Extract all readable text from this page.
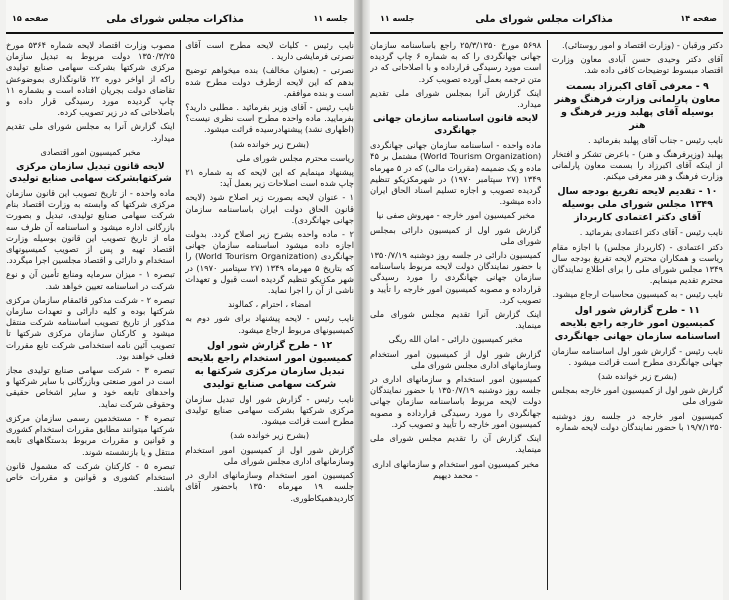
جلسه ۱۱
مذاکرات مجلس شورای ملی
صفحه ۱۵

نایب رئیس - کلیات لایحه مطرح است آقای نصرتی فرمایشی دارید .

نصرتی - (بعنوان مخالف) بنده میخواهم توضیح بدهم که این لایحه ازطرف دولت مطرح شده است و بنده موافقم.

نایب رئیس - آقای وزیر بفرمائید . مطلبی دارید؟ بفرمایید. ماده واحده مطرح است نظری نیست؟ (اظهاری نشد) پیشنهادرسیده قرائت میشود.

(بشرح زیر خوانده شد)

ریاست محترم مجلس شورای ملی

پیشنهاد مینمایم که این لایحه که به شماره ۲۱ چاپ شده است اصلاحات زیر بعمل آید:

۱ - عنوان لایحه بصورت زیر اصلاح شود (لایحه قانون الحاق دولت ایران باساسنامه سازمان جهانی جهانگردی).

۲ - ماده واحده بشرح زیر اصلاح گردد. بدولت اجازه داده میشود اساسنامه سازمان جهانی جهانگردی (World Tourism Organization) را که بتاریخ ۵ مهرماه ۱۳۴۹ (۲۷ سپتامبر ۱۹۷۰) در شهر مکزیکو تنظیم گردیده است قبول و تعهدات ناشی از آن را اجرا نماید.

امضاء ، احترام ، کمالوند

نایب رئیس - لایحه پیشنهاد برای شور دوم به کمیسیونهای مربوط ارجاع میشود.

۱۲ - طرح گزارش شور اول کمیسیون امور استخدام راجع بلایحه تبدیل سازمان مرکزی شرکتها به شرکت سهامی صنایع تولیدی

نایب رئیس - گزارش شور اول تبدیل سازمان مرکزی شرکتها بشرکت سهامی صنایع تولیدی مطرح است قرائت میشود.

(بشرح زیر خوانده شد)

گزارش شور اول از کمیسیون امور استخدام وسازمانهای اداری مجلس شورای ملی

کمیسیون امور استخدام وسازمانهای اداری در جلسه ۱۹ مهرماه ۱۳۵۰ باحضور آقای کاردیدهمیکاطوری.

مصوب وزارت اقتصاد لایحه شماره ۵۳۶۴ مورخ ۱۳۵۰/۳/۲۵ دولت مربوط به تبدیل سازمان مرکزی شرکتها بشرکت سهامی صنایع تولیدی راکه از اواخر دوره ۲۲ قانونگذاری بموضوعش تقاضای دولت بجریان افتاده است و بشماره ۱۱ چاپ گردیده مورد رسیدگی قرار داده و باصلاحاتی که در زیر تصویب کرده.

اینک گزارش آنرا به مجلس شورای ملی تقدیم میدارد.

مخبر کمیسیون امور اقتصادی

لایحه قانون تبدیل سازمان مرکزی شرکتهابشرکت سهامی صنایع تولیدی

ماده واحده - از تاریخ تصویب این قانون سازمان مرکزی شرکتها که وابسته به وزارت اقتصاد بنام شرکت سهامی صنایع تولیدی، تبدیل و بصورت بازرگانی اداره میشود و اساسنامه آن ظرف سه ماه از تاریخ تصویب این قانون بوسیله وزارت اقتصاد تهیه و پس از تصویب کمیسیونهای استخدام و دارائی و اقتصاد مجلسین اجرا میگردد.

تبصره ۱ - میزان سرمایه ومنابع تأمین آن و نوع شرکت در اساسنامه تعیین خواهد شد.

تبصره ۲ - شرکت مذکور قائمقام سازمان مرکزی شرکتها بوده و کلیه دارائی و تعهدات سازمان مذکور از تاریخ تصویب اساسنامه شرکت منتقل میشود و کارکنان سازمان مرکزی شرکتها تا تصویب آئین نامه استخدامی شرکت تابع مقررات فعلی خواهند بود.

تبصره ۳ - شرکت سهامی صنایع تولیدی مجاز است در امور صنعتی وبازرگانی با سایر شرکتها و واحدهای تابعه خود و سایر اشخاص حقیقی وحقوقی شرکت نماید.

تبصره ۴ - مستخدمین رسمی سازمان مرکزی شرکتها میتوانند مطابق مقررات استخدام کشوری و قوانین و مقررات مربوط بدستگاههای تابعه منتقل و یا بازنشسته شوند.

تبصره ۵ - کارکنان شرکت که مشمول قانون استخدام کشوری و قوانین و مقررات خاص باشند.

صفحه ۱۴
مذاکرات مجلس شورای ملی
جلسه ۱۱

دکتر ورقبان - (وزارت اقتصاد و امور روستائی).

آقای دکتر وحیدی حسن آبادی معاون وزارت اقتصاد مبسوط توضیحات کافی داده شد.

۹ - معرفی آقای اکبرزاد بسمت معاون پارلمانی وزارت فرهنگ وهنر بوسیله آقای پهلبد وزیر فرهنگ و هنر

نایب رئیس - جناب آقای پهلبد بفرمائید .

پهلبد (وزیرفرهنگ و هنر) - باعرض تشکر و افتخار از اینکه آقای اکبرزاد را بسمت معاون پارلمانی وزارت فرهنگ و هنر معرفی میکنم.

۱۰ - تقدیم لایحه تفریغ بودجه سال ۱۳۴۹ مجلس شورای ملی بوسیله آقای دکتر اعتمادی کاربرداز

نایب رئیس - آقای دکتر اعتمادی بفرمائید .

دکتر اعتمادی - (کاربرداز مجلس) با اجازه مقام ریاست و همکاران محترم لایحه تفریغ بودجه سال ۱۳۴۹ مجلس شورای ملی را برای اطلاع نمایندگان محترم تقدیم مینمایم.

نایب رئیس - به کمیسیون محاسبات ارجاع میشود.

۱۱ - طرح گزارش شور اول کمیسیون امور خارجه راجع بلایحه اساسنامه سازمان جهانی جهانگردی

نایب رئیس - گزارش شور اول اساسنامه سازمان جهانی جهانگردی مطرح است قرائت میشود .

(بشرح زیر خوانده شد)

گزارش شور اول از کمیسیون امور خارجه بمجلس شورای ملی

کمیسیون امور خارجه در جلسه روز دوشنبه ۱۹/۷/۱۳۵۰ با حضور نمایندگان دولت لایحه شماره

۵۶۹۸ مورخ ۲۵/۳/۱۳۵۰ راجع باساسنامه سازمان جهانی جهانگردی را که به شماره ۶ چاپ گردیده است مورد رسیدگی قرارداده و با اصلاحاتی که در متن ترجمه بعمل آورده تصویب کرد.

اینک گزارش آنرا بمجلس شورای ملی تقدیم میدارد.

لایحه قانون اساسنامه سازمان جهانی جهانگردی

ماده واحده - اساسنامه سازمان جهانی جهانگردی (World Tourism Organization) مشتمل بر ۴۵ ماده و یک ضمیمه (مقررات مالی) که در ۵ مهرماه ۱۳۴۹ (۲۷ سپتامبر ۱۹۷۰) در شهرمکزیکو تنظیم گردیده تصویب و اجازه تسلیم اسناد الحاق ایران داده میشود.

مخبر کمیسیون امور خارجه - مهروش صفی نیا

گزارش شور اول از کمیسیون دارائی بمجلس شورای ملی

کمیسیون دارائی در جلسه روز دوشنبه ۱۳۵۰/۷/۱۹ با حضور نمایندگان دولت لایحه مربوط باساسنامه سازمان جهانی جهانگردی را مورد رسیدگی قرارداده و مصوبه کمیسیون امور خارجه را تأیید و تصویب کرد.

اینک گزارش آنرا تقدیم مجلس شورای ملی مینماید.

مخبر کمیسیون دارائی - امان الله ریگی

گزارش شور اول از کمیسیون امور استخدام وسازمانهای اداری مجلس شورای ملی

کمیسیون امور استخدام و سازمانهای اداری در جلسه روز دوشنبه ۱۳۵۰/۷/۱۹ با حضور نمایندگان دولت لایحه مربوط باساسنامه سازمان جهانی جهانگردی را مورد رسیدگی قرارداده و مصوبه کمیسیون امور خارجه را تأیید و تصویب کرد.

اینک گزارش آن را تقدیم مجلس شورای ملی مینماید.

مخبر کمیسیون امور استخدام و سازمانهای اداری - محمد دیهیم
